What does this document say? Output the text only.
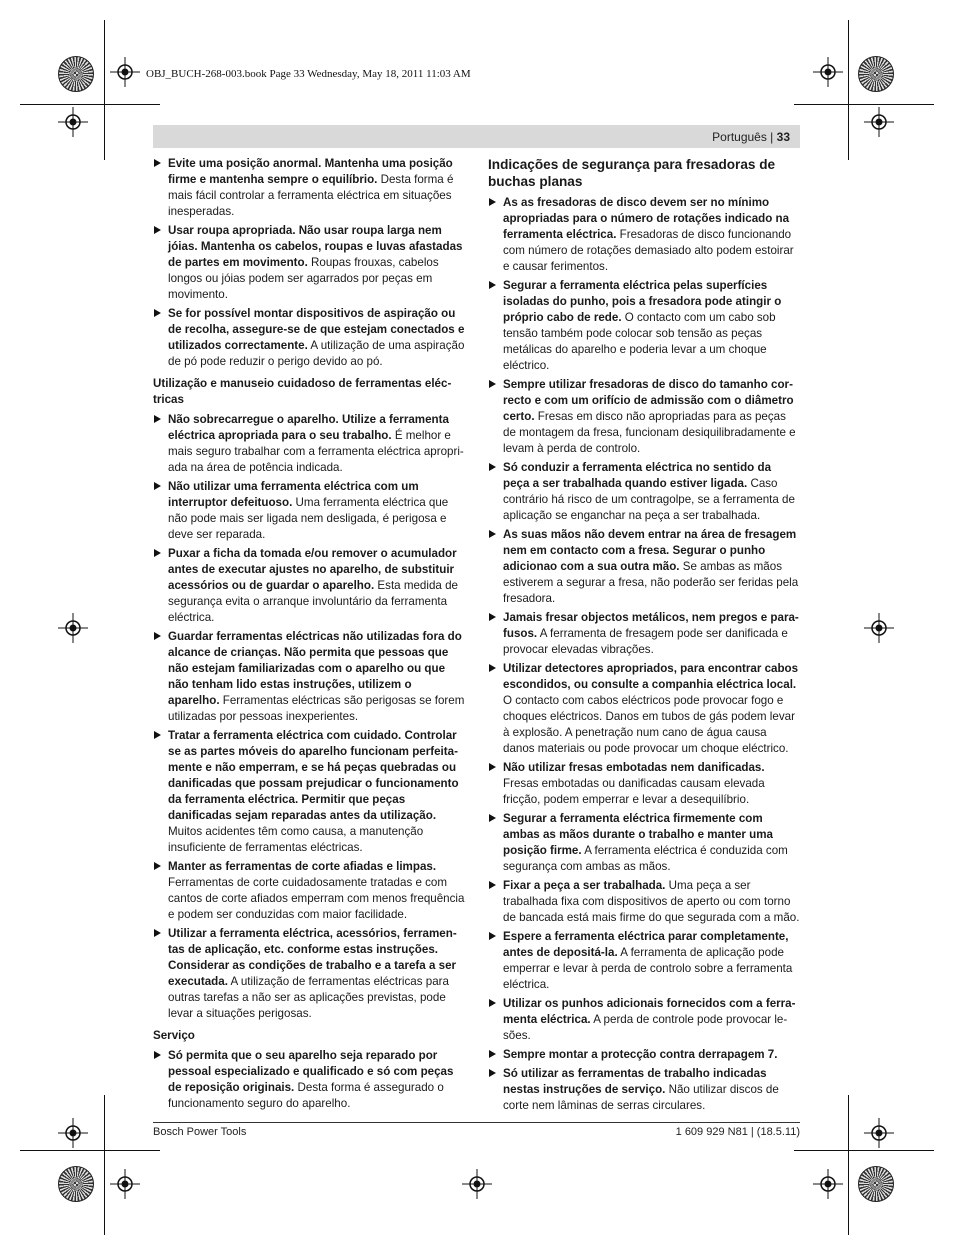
OBJ_BUCH-268-003.book Page 33 Wednesday, May 18, 2011 11:03 AM
Português | 33
Evite uma posição anormal. Mantenha uma posição firme e mantenha sempre o equilíbrio. Desta forma é mais fácil controlar a ferramenta eléctrica em situações inesperadas.
Usar roupa apropriada. Não usar roupa larga nem jóias. Mantenha os cabelos, roupas e luvas afastadas de partes em movimento. Roupas frouxas, cabelos longos ou jóias podem ser agarrados por peças em movimento.
Se for possível montar dispositivos de aspiração ou de recolha, assegure-se de que estejam conectados e utilizados correctamente. A utilização de uma aspiração de pó pode reduzir o perigo devido ao pó.
Utilização e manuseio cuidadoso de ferramentas eléctricas
Não sobrecarregue o aparelho. Utilize a ferramenta eléctrica apropriada para o seu trabalho. É melhor e mais seguro trabalhar com a ferramenta eléctrica apropriada na área de potência indicada.
Não utilizar uma ferramenta eléctrica com um interruptor defeituoso. Uma ferramenta eléctrica que não pode mais ser ligada nem desligada, é perigosa e deve ser reparada.
Puxar a ficha da tomada e/ou remover o acumulador antes de executar ajustes no aparelho, de substituir acessórios ou de guardar o aparelho. Esta medida de segurança evita o arranque involuntário da ferramenta eléctrica.
Guardar ferramentas eléctricas não utilizadas fora do alcance de crianças. Não permita que pessoas que não estejam familiarizadas com o aparelho ou que não tenham lido estas instruções, utilizem o aparelho. Ferramentas eléctricas são perigosas se forem utilizadas por pessoas inexperientes.
Tratar a ferramenta eléctrica com cuidado. Controlar se as partes móveis do aparelho funcionam perfeitamente e não emperram, e se há peças quebradas ou danificadas que possam prejudicar o funcionamento da ferramenta eléctrica. Permitir que peças danificadas sejam reparadas antes da utilização. Muitos acidentes têm como causa, a manutenção insuficiente de ferramentas eléctricas.
Manter as ferramentas de corte afiadas e limpas. Ferramentas de corte cuidadosamente tratadas e com cantos de corte afiados emperram com menos frequência e podem ser conduzidas com maior facilidade.
Utilizar a ferramenta eléctrica, acessórios, ferramentas de aplicação, etc. conforme estas instruções. Considerar as condições de trabalho e a tarefa a ser executada. A utilização de ferramentas eléctricas para outras tarefas a não ser as aplicações previstas, pode levar a situações perigosas.
Serviço
Só permita que o seu aparelho seja reparado por pessoal especializado e qualificado e só com peças de reposição originais. Desta forma é assegurado o funcionamento seguro do aparelho.
Indicações de segurança para fresadoras de buchas planas
As as fresadoras de disco devem ser no mínimo apropriadas para o número de rotações indicado na ferramenta eléctrica. Fresadoras de disco funcionando com número de rotações demasiado alto podem estoirar e causar ferimentos.
Segurar a ferramenta eléctrica pelas superfícies isoladas do punho, pois a fresadora pode atingir o próprio cabo de rede. O contacto com um cabo sob tensão também pode colocar sob tensão as peças metálicas do aparelho e poderia levar a um choque eléctrico.
Sempre utilizar fresadoras de disco do tamanho correcto e com um orifício de admissão com o diâmetro certo. Fresas em disco não apropriadas para as peças de montagem da fresa, funcionam desiquilibradamente e levam à perda de controlo.
Só conduzir a ferramenta eléctrica no sentido da peça a ser trabalhada quando estiver ligada. Caso contrário há risco de um contragolpe, se a ferramenta de aplicação se enganchar na peça a ser trabalhada.
As suas mãos não devem entrar na área de fresagem nem em contacto com a fresa. Segurar o punho adicionao com a sua outra mão. Se ambas as mãos estiverem a segurar a fresa, não poderão ser feridas pela fresadora.
Jamais fresar objectos metálicos, nem pregos e parafusos. A ferramenta de fresagem pode ser danificada e provocar elevadas vibrações.
Utilizar detectores apropriados, para encontrar cabos escondidos, ou consulte a companhia eléctrica local. O contacto com cabos eléctricos pode provocar fogo e choques eléctricos. Danos em tubos de gás podem levar à explosão. A penetração num cano de água causa danos materiais ou pode provocar um choque eléctrico.
Não utilizar fresas embotadas nem danificadas. Fresas embotadas ou danificadas causam elevada fricção, podem emperrar e levar a desequilíbrio.
Segurar a ferramenta eléctrica firmemente com ambas as mãos durante o trabalho e manter uma posição firme. A ferramenta eléctrica é conduzida com segurança com ambas as mãos.
Fixar a peça a ser trabalhada. Uma peça a ser trabalhada fixa com dispositivos de aperto ou com torno de bancada está mais firme do que segurada com a mão.
Espere a ferramenta eléctrica parar completamente, antes de depositá-la. A ferramenta de aplicação pode emperrar e levar à perda de controlo sobre a ferramenta eléctrica.
Utilizar os punhos adicionais fornecidos com a ferramenta eléctrica. A perda de controle pode provocar lesões.
Sempre montar a protecção contra derrapagem 7.
Só utilizar as ferramentas de trabalho indicadas nestas instruções de serviço. Não utilizar discos de corte nem lâminas de serras circulares.
Bosch Power Tools	1 609 929 N81 | (18.5.11)
